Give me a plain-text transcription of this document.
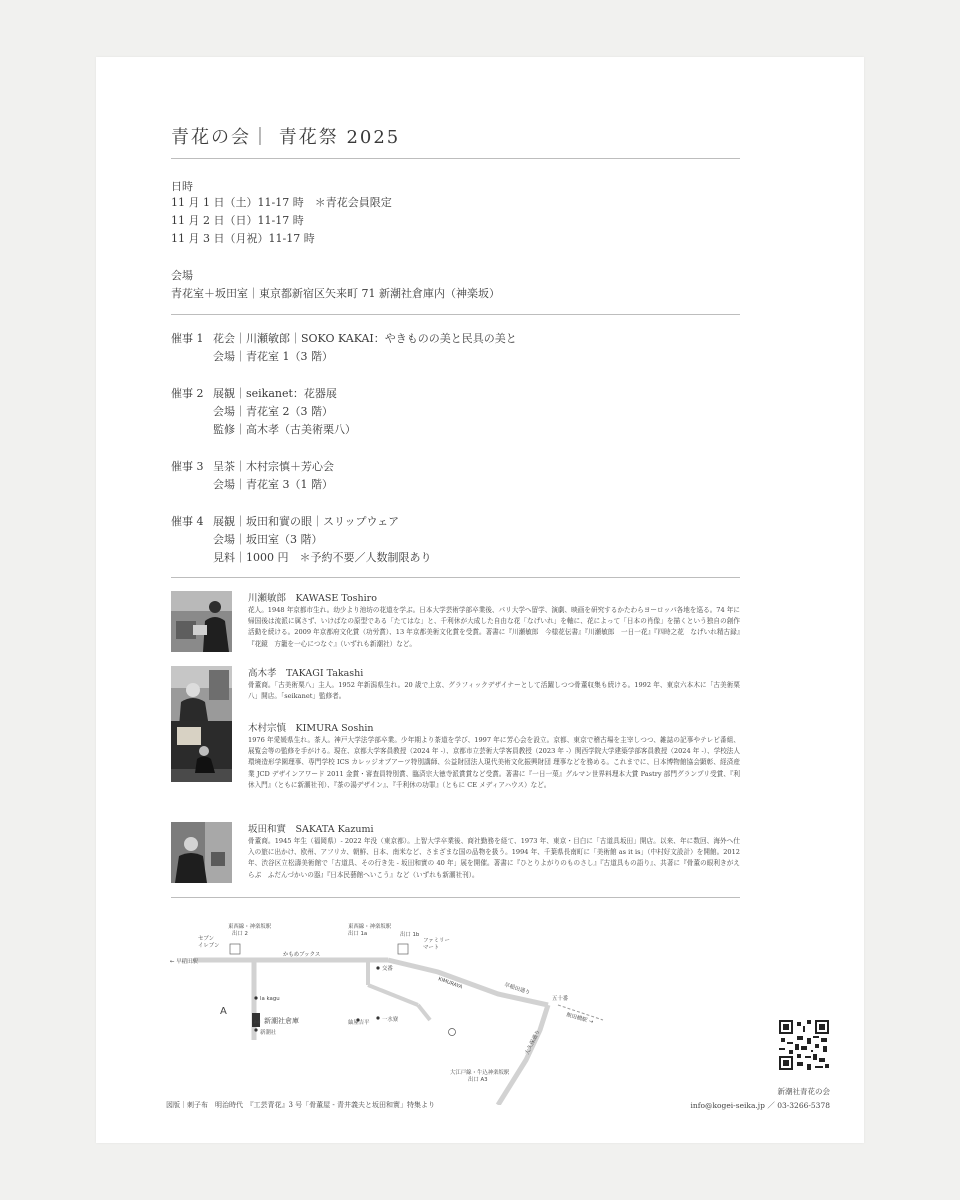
青花の会｜ 青花祭 2025
日時
11 月 1 日（土）11-17 時　＊青花会員限定
11 月 2 日（日）11-17 時
11 月 3 日（月祝）11-17 時
会場
青花室＋坂田室｜東京都新宿区矢来町 71 新潮社倉庫内（神楽坂）
催事 1 花会｜川瀬敏郎｜SOKO KAKAI：やきものの美と民具の美と
会場｜青花室 1（3 階）
催事 2 展観｜seikanet：花器展
会場｜青花室 2（3 階）
監修｜高木孝（古美術栗八）
催事 3 呈茶｜木村宗慎＋芳心会
会場｜青花室 3（1 階）
催事 4 展観｜坂田和實の眼｜スリップウェア
会場｜坂田室（3 階）
見料｜1000 円　＊予約不要／人数制限あり
川瀬敏郎　KAWASE Toshiro
花人。1948 年京都市生れ。幼少より池坊の花道を学ぶ。日本大学芸術学部卒業後、パリ大学へ留学、演劇、映画を研究するかたわらヨーロッパ各地を巡る。74 年に帰国後は流派に属さず、いけばなの原型である「たてはな」と、千利休が大成した自由な花「なげいれ」を軸に、花によって「日本の肖像」を描くという独自の創作活動を続ける。2009 年京都府文化賞（功労賞）、13 年京都美術文化賞を受賞。著書に『川瀬敏郎　今様花伝書』『川瀬敏郎　一日一花』『四時之花　なげいれ精古録』『花鏡　方籠を一心につなぐ』（いずれも新潮社）など。
高木孝　TAKAGI Takashi
骨董商。「古美術栗八」主人。1952 年新潟県生れ。20 歳で上京、グラフィックデザイナーとして活躍しつつ骨董収集も続ける。1992 年、東京六本木に「古美術栗八」開店。「seikanet」監修者。
木村宗慎　KIMURA Soshin
1976 年愛媛県生れ。茶人。神戸大学法学部卒業。少年期より茶道を学び、1997 年に芳心会を設立。京都、東京で稽古場を主宰しつつ、雑誌の記事やテレビ番組、展覧会等の監修を手がける。現在、京都大学客員教授（2024 年 -）、京都市立芸術大学客員教授（2023 年 -）関西学院大学建築学部客員教授（2024 年 -）、学校法人環境造形学園理事、専門学校 ICS カレッジオブアーツ特別講師、公益財団法人現代美術文化振興財団 理事などを務める。これまでに、日本博物館協会顕彰、経済産業 JCD デザインアワード 2011 金賞・審査員特別賞、臨済宗大徳寺派賞賞など受賞。著書に『一日一菓』グルマン世界料理本大賞 Pastry 部門グランプリ受賞、『利休入門』（ともに新潮社刊）、『茶の湯デザイン』、『千利休の功罪』（ともに CE メディアハウス）など。
坂田和實　SAKATA Kazumi
骨董商。1945 年生（福岡県）- 2022 年没（東京都）。上智大学卒業後、商社勤務を経て、1973 年、東京・目白に「古道具坂田」開店。以来、年に数回、海外へ仕入の旅に出かけ、欧州、アフリカ、朝鮮、日本、南米など、さまざまな国の品物を扱う。1994 年、千葉県長南町に「美術館 as it is」（中村好文設計）を開館。2012 年、渋谷区立松濤美術館で「古道具、その行き先 - 坂田和實の 40 年」展を開催。著書に『ひとりよがりのものさし』『古道具もの語り』、共著に『骨董の眼利きがえらぶ　ふだんづかいの器』『日本民藝館へいこう』など（いずれも新潮社刊）。
セブン
イレブン
東西線・神楽坂駅
出口 2
かもめブックス
東西線・神楽坂駅
出口 1a	出口 1b
ファミリー
マート
← 早稲田駅
交番
KIMURAYA	早稲田通り
la kagu
新潮 新潮社倉庫
新潮社
紬屋吉平 一水寮
五十番
飯田橋駅 →
大久保通り
大江戸線・牛込神楽坂駅
出口 A3
A
図版｜刺子布　明治時代　『工芸青花』3 号「骨董屋 - 青井義夫と坂田和實」特集より
新潮社青花の会
info@kogei-seika.jp ／ 03-3266-5378
